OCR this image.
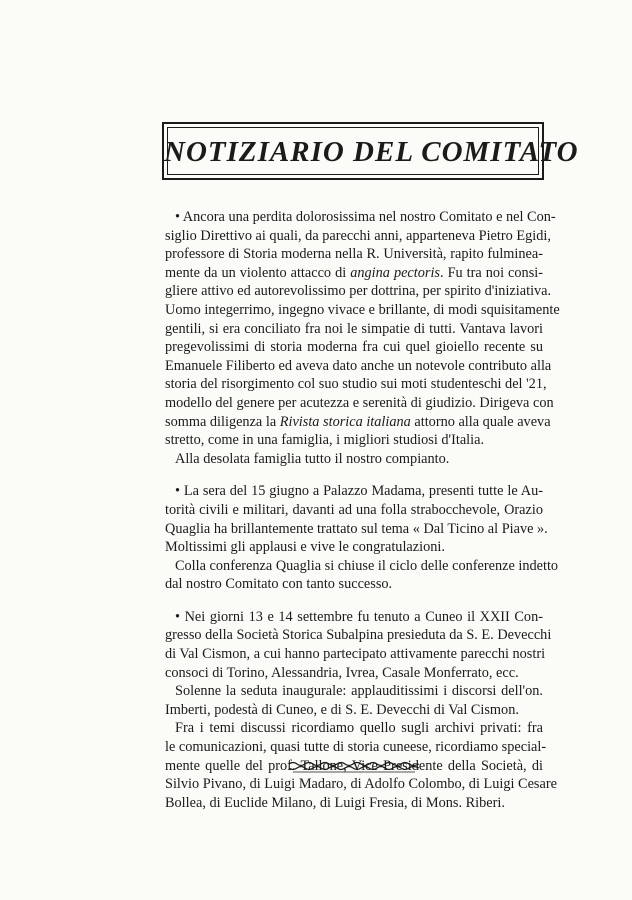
NOTIZIARIO DEL COMITATO

• Ancora una perdita dolorosissima nel nostro Comitato e nel Con-
siglio Direttivo ai quali, da parecchi anni, apparteneva Pietro Egidi,
professore di Storia moderna nella R. Università, rapito fulminea-
mente da un violento attacco di angina pectoris. Fu tra noi consi-
gliere attivo ed autorevolissimo per dottrina, per spirito d'iniziativa.
Uomo integerrimo, ingegno vivace e brillante, di modi squisitamente
gentili, si era conciliato fra noi le simpatie di tutti. Vantava lavori
pregevolissimi di storia moderna fra cui quel gioiello recente su
Emanuele Filiberto ed aveva dato anche un notevole contributo alla
storia del risorgimento col suo studio sui moti studenteschi del '21,
modello del genere per acutezza e serenità di giudizio. Dirigeva con
somma diligenza la Rivista storica italiana attorno alla quale aveva
stretto, come in una famiglia, i migliori studiosi d'Italia.

Alla desolata famiglia tutto il nostro compianto.

• La sera del 15 giugno a Palazzo Madama, presenti tutte le Au-
torità civili e militari, davanti ad una folla strabocchevole, Orazio
Quaglia ha brillantemente trattato sul tema « Dal Ticino al Piave ».
Moltissimi gli applausi e vive le congratulazioni.

Colla conferenza Quaglia si chiuse il ciclo delle conferenze indetto
dal nostro Comitato con tanto successo.

• Nei giorni 13 e 14 settembre fu tenuto a Cuneo il XXII Con-
gresso della Società Storica Subalpina presieduta da S. E. Devecchi
di Val Cismon, a cui hanno partecipato attivamente parecchi nostri
consoci di Torino, Alessandria, Ivrea, Casale Monferrato, ecc.

Solenne la seduta inaugurale: applauditissimi i discorsi dell'on.
Imberti, podestà di Cuneo, e di S. E. Devecchi di Val Cismon.

Fra i temi discussi ricordiamo quello sugli archivi privati: fra
le comunicazioni, quasi tutte di storia cuneese, ricordiamo special-
mente quelle del prof. Tallone, Vice Presidente della Società, di
Silvio Pivano, di Luigi Madaro, di Adolfo Colombo, di Luigi Cesare
Bollea, di Euclide Milano, di Luigi Fresia, di Mons. Riberi.
